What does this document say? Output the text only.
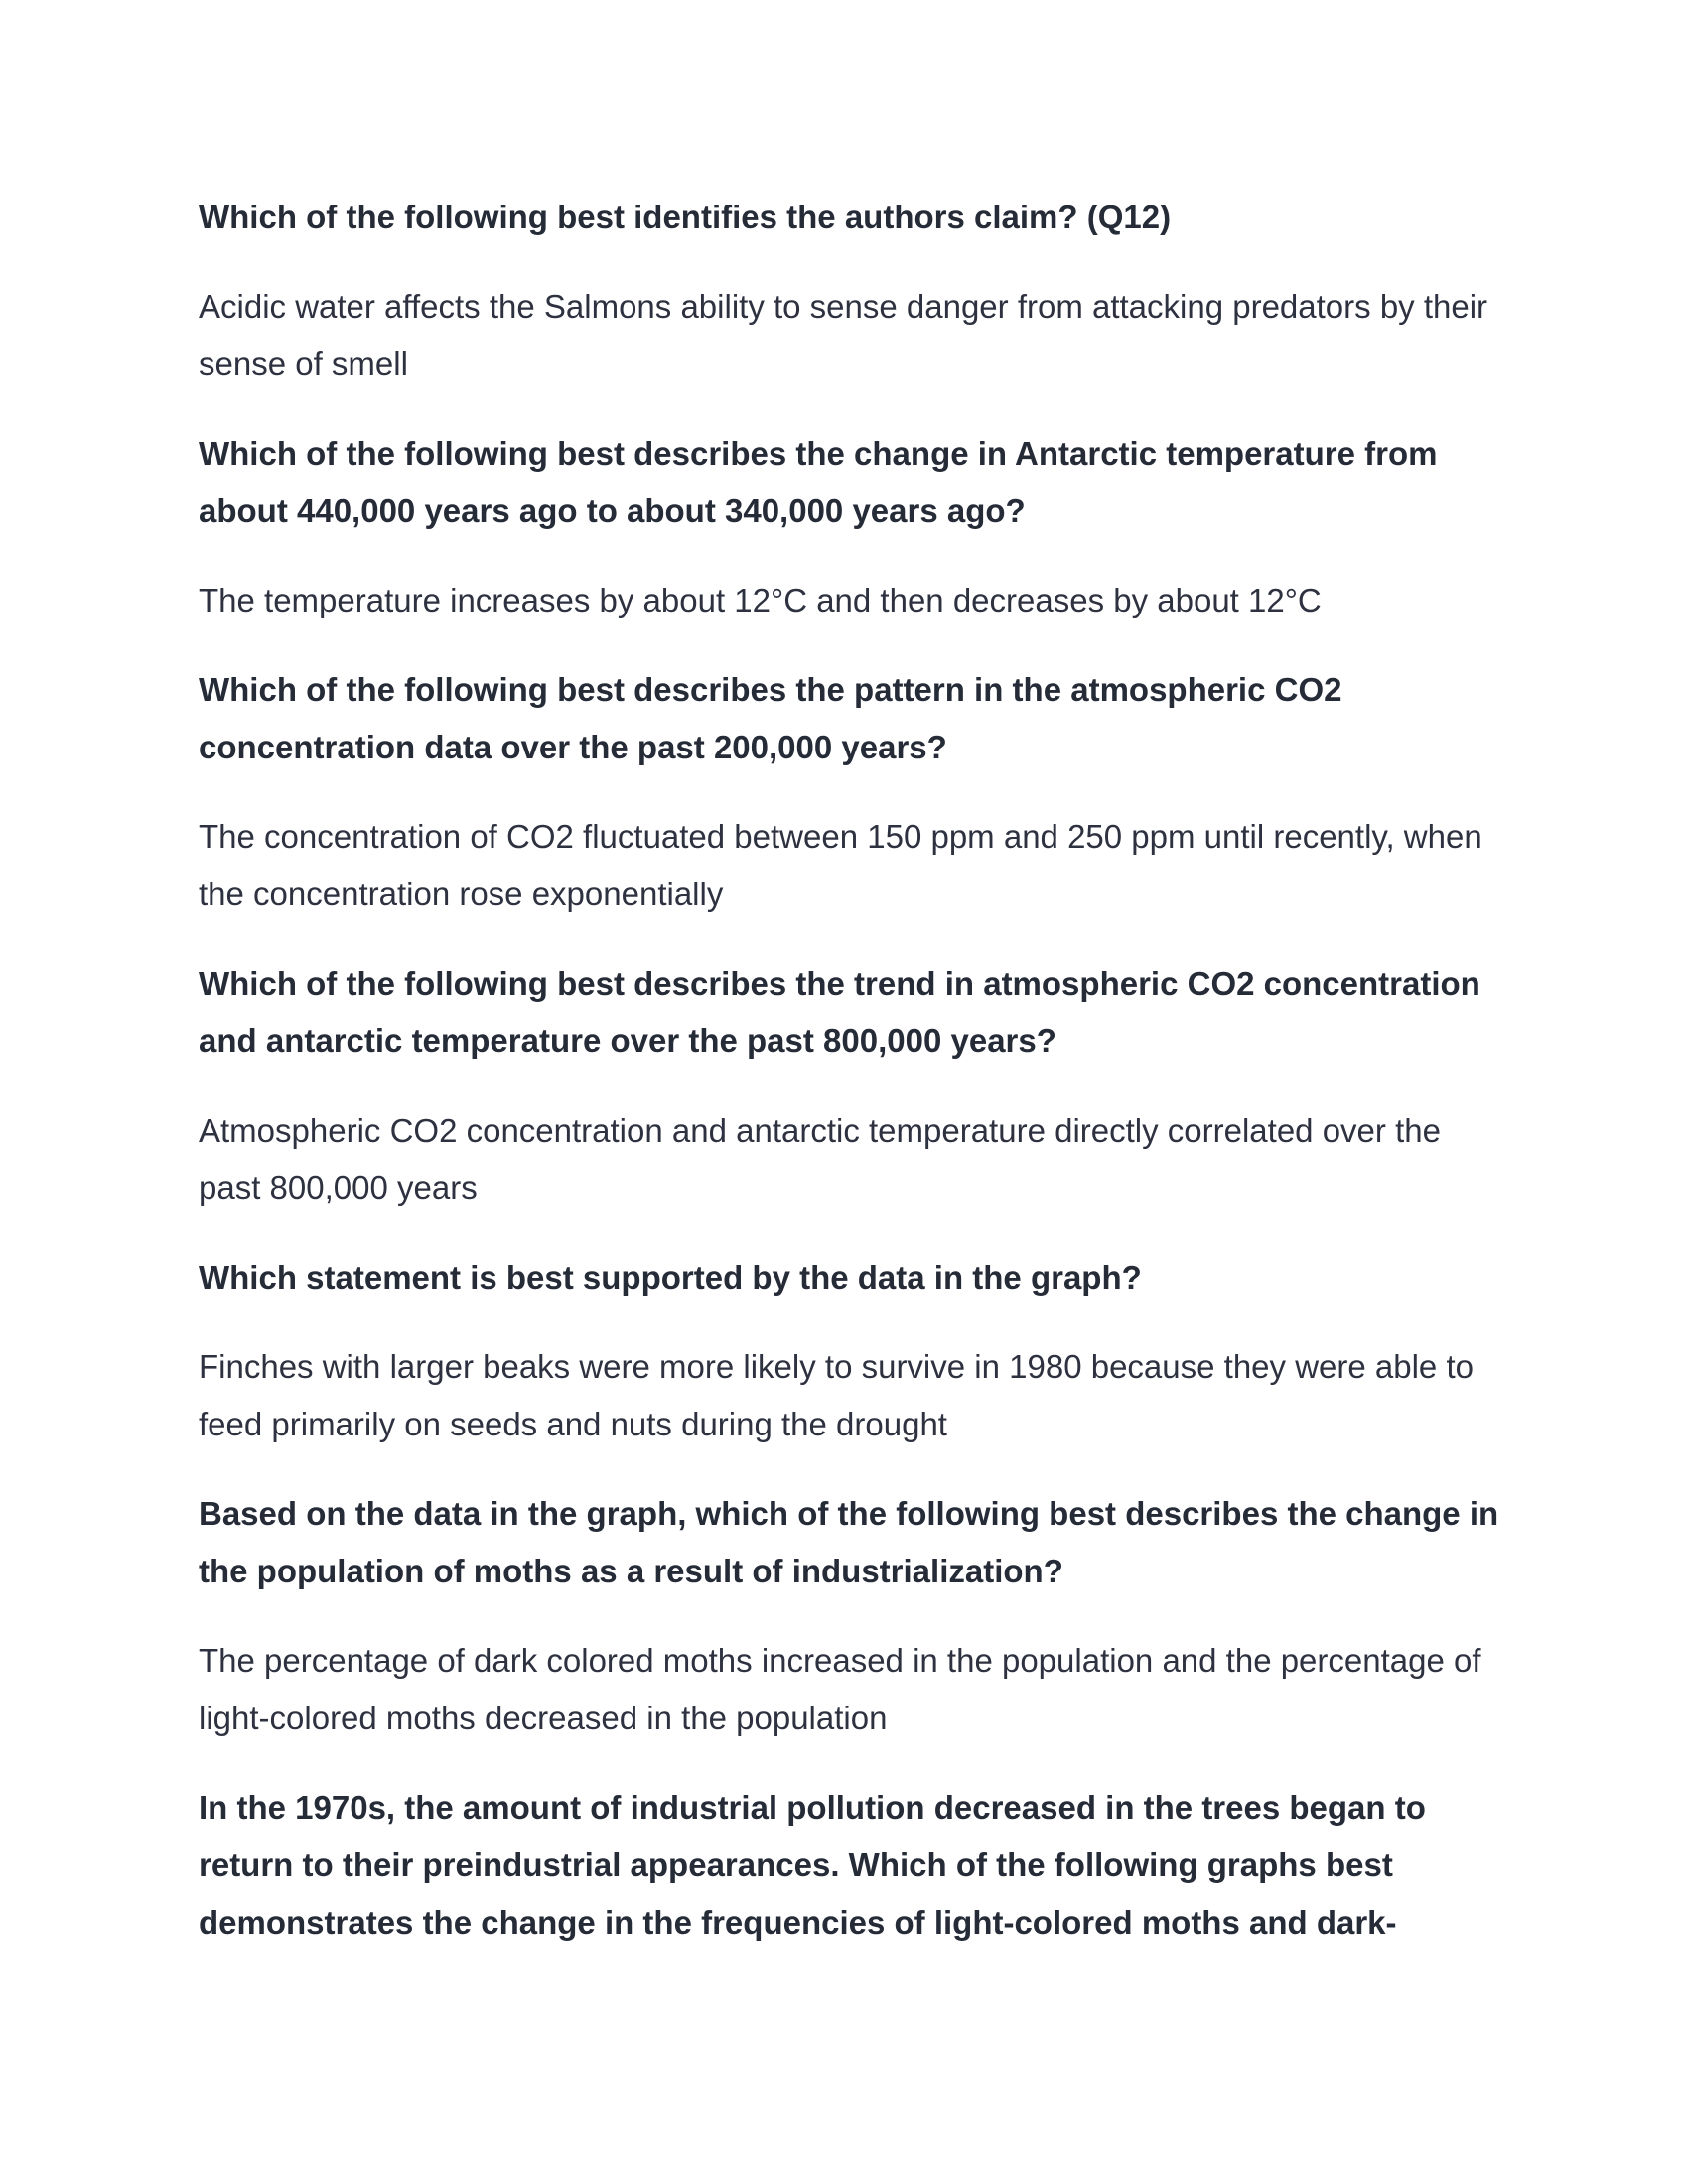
Which of the following best identifies the authors claim? (Q12)

Acidic water affects the Salmons ability to sense danger from attacking predators by their sense of smell

Which of the following best describes the change in Antarctic temperature from about 440,000 years ago to about 340,000 years ago?

The temperature increases by about 12°C and then decreases by about 12°C

Which of the following best describes the pattern in the atmospheric CO2 concentration data over the past 200,000 years?

The concentration of CO2 fluctuated between 150 ppm and 250 ppm until recently, when the concentration rose exponentially

Which of the following best describes the trend in atmospheric CO2 concentration and antarctic temperature over the past 800,000 years?

Atmospheric CO2 concentration and antarctic temperature directly correlated over the past 800,000 years

Which statement is best supported by the data in the graph?

Finches with larger beaks were more likely to survive in 1980 because they were able to feed primarily on seeds and nuts during the drought

Based on the data in the graph, which of the following best describes the change in the population of moths as a result of industrialization?

The percentage of dark colored moths increased in the population and the percentage of light-colored moths decreased in the population

In the 1970s, the amount of industrial pollution decreased in the trees began to return to their preindustrial appearances. Which of the following graphs best demonstrates the change in the frequencies of light-colored moths and dark-
